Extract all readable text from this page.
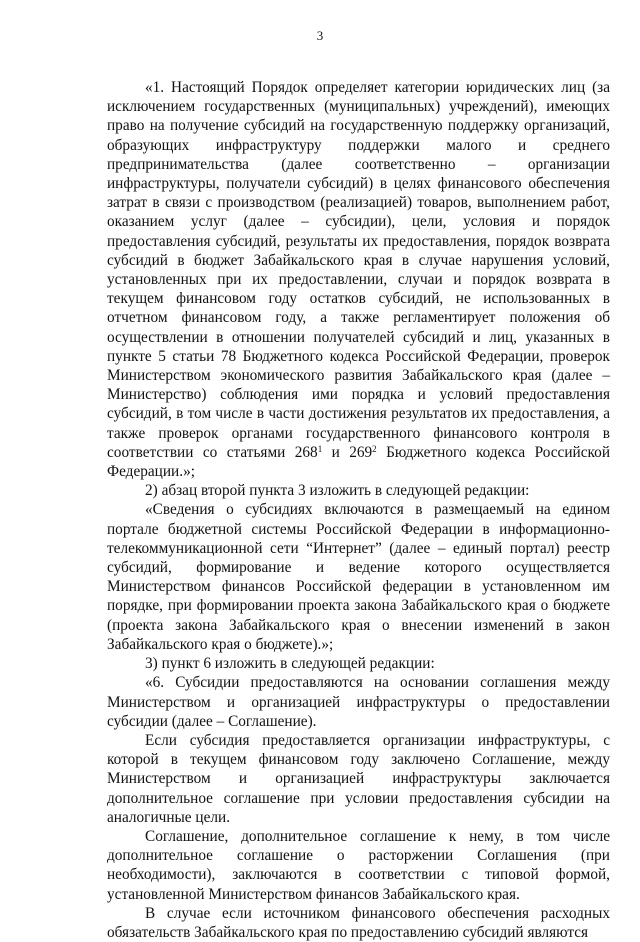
3

«1. Настоящий Порядок определяет категории юридических лиц (за исключением государственных (муниципальных) учреждений), имеющих право на получение субсидий на государственную поддержку организаций, образующих инфраструктуру поддержки малого и среднего предпринимательства (далее соответственно – организации инфраструктуры, получатели субсидий) в целях финансового обеспечения затрат в связи с производством (реализацией) товаров, выполнением работ, оказанием услуг (далее – субсидии), цели, условия и порядок предоставления субсидий, результаты их предоставления, порядок возврата субсидий в бюджет Забайкальского края в случае нарушения условий, установленных при их предоставлении, случаи и порядок возврата в текущем финансовом году остатков субсидий, не использованных в отчетном финансовом году, а также регламентирует положения об осуществлении в отношении получателей субсидий и лиц, указанных в пункте 5 статьи 78 Бюджетного кодекса Российской Федерации, проверок Министерством экономического развития Забайкальского края (далее – Министерство) соблюдения ими порядка и условий предоставления субсидий, в том числе в части достижения результатов их предоставления, а также проверок органами государственного финансового контроля в соответствии со статьями $268^1$ и $269^2$ Бюджетного кодекса Российской Федерации.»;

2) абзац второй пункта 3 изложить в следующей редакции:

«Сведения о субсидиях включаются в размещаемый на едином портале бюджетной системы Российской Федерации в информационно-телекоммуникационной сети “Интернет” (далее – единый портал) реестр субсидий, формирование и ведение которого осуществляется Министерством финансов Российской федерации в установленном им порядке, при формировании проекта закона Забайкальского края о бюджете (проекта закона Забайкальского края о внесении изменений в закон Забайкальского края о бюджете).»;

3) пункт 6 изложить в следующей редакции:

«6. Субсидии предоставляются на основании соглашения между Министерством и организацией инфраструктуры о предоставлении субсидии (далее – Соглашение).

Если субсидия предоставляется организации инфраструктуры, с которой в текущем финансовом году заключено Соглашение, между Министерством и организацией инфраструктуры заключается дополнительное соглашение при условии предоставления субсидии на аналогичные цели.

Соглашение, дополнительное соглашение к нему, в том числе дополнительное соглашение о расторжении Соглашения (при необходимости), заключаются в соответствии с типовой формой, установленной Министерством финансов Забайкальского края.

В случае если источником финансового обеспечения расходных обязательств Забайкальского края по предоставлению субсидий являются
